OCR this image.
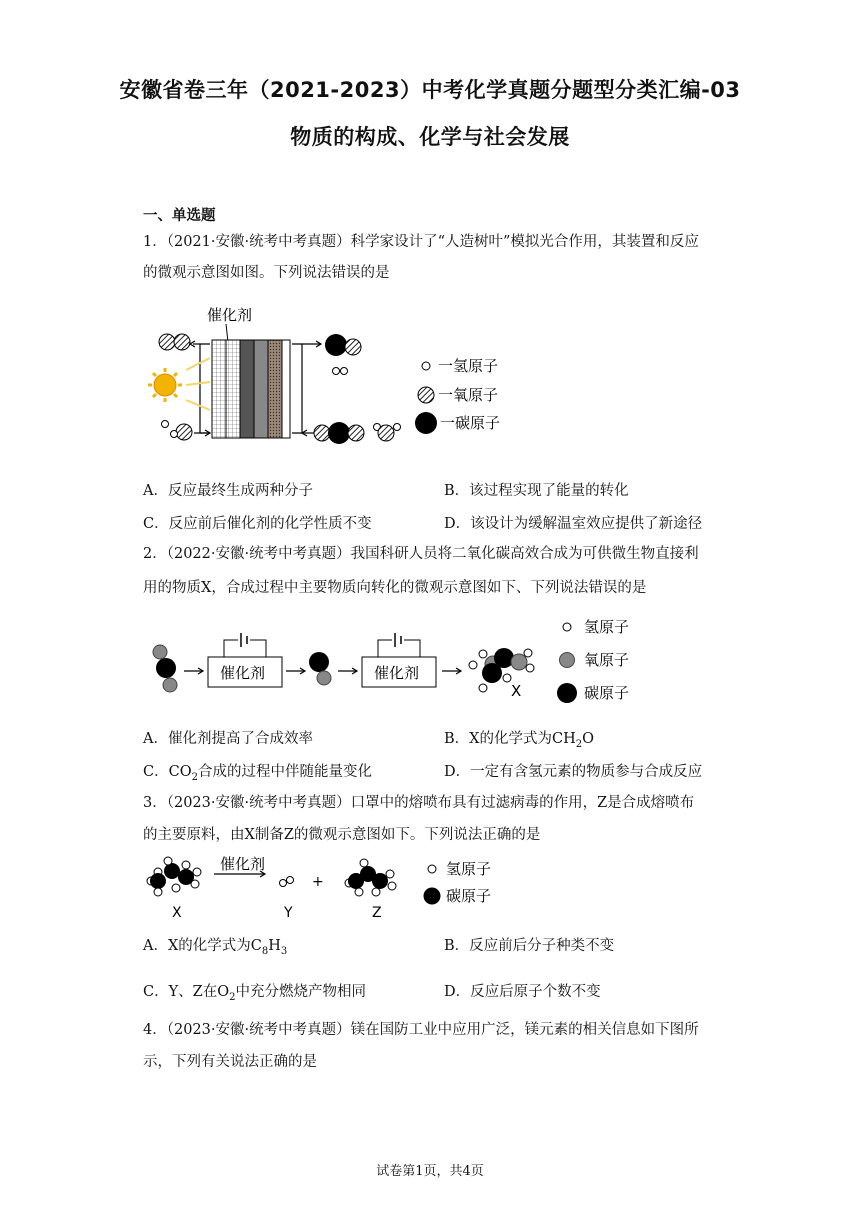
安徽省卷三年（2021-2023）中考化学真题分题型分类汇编-03
物质的构成、化学与社会发展
一、单选题
1．（2021·安徽·统考中考真题）科学家设计了“人造树叶”模拟光合作用，其装置和反应
的微观示意图如图。下列说法错误的是
催化剂
一氢原子
一氧原子
一碳原子
A．反应最终生成两种分子	B．该过程实现了能量的转化
C．反应前后催化剂的化学性质不变	D．该设计为缓解温室效应提供了新途径
2．（2022·安徽·统考中考真题）我国科研人员将二氧化碳高效合成为可供微生物直接利
用的物质X，合成过程中主要物质向转化的微观示意图如下、下列说法错误的是
催化剂	催化剂
X
氢原子
氧原子
碳原子
A．催化剂提高了合成效率	B．X的化学式为$CH_2O$
C．$CO_2$合成的过程中伴随能量变化	D．一定有含氢元素的物质参与合成反应
3．（2023·安徽·统考中考真题）口罩中的熔喷布具有过滤病毒的作用，Z是合成熔喷布
的主要原料，由X制备Z的微观示意图如下。下列说法正确的是
X
催化剂
Y
+
Z
氢原子
碳原子
A．X的化学式为$C_8H_3$	B．反应前后分子种类不变
C．Y、Z在$O_2$中充分燃烧产物相同	D．反应后原子个数不变
4．（2023·安徽·统考中考真题）镁在国防工业中应用广泛，镁元素的相关信息如下图所
示，下列有关说法正确的是
试卷第1页，共4页
